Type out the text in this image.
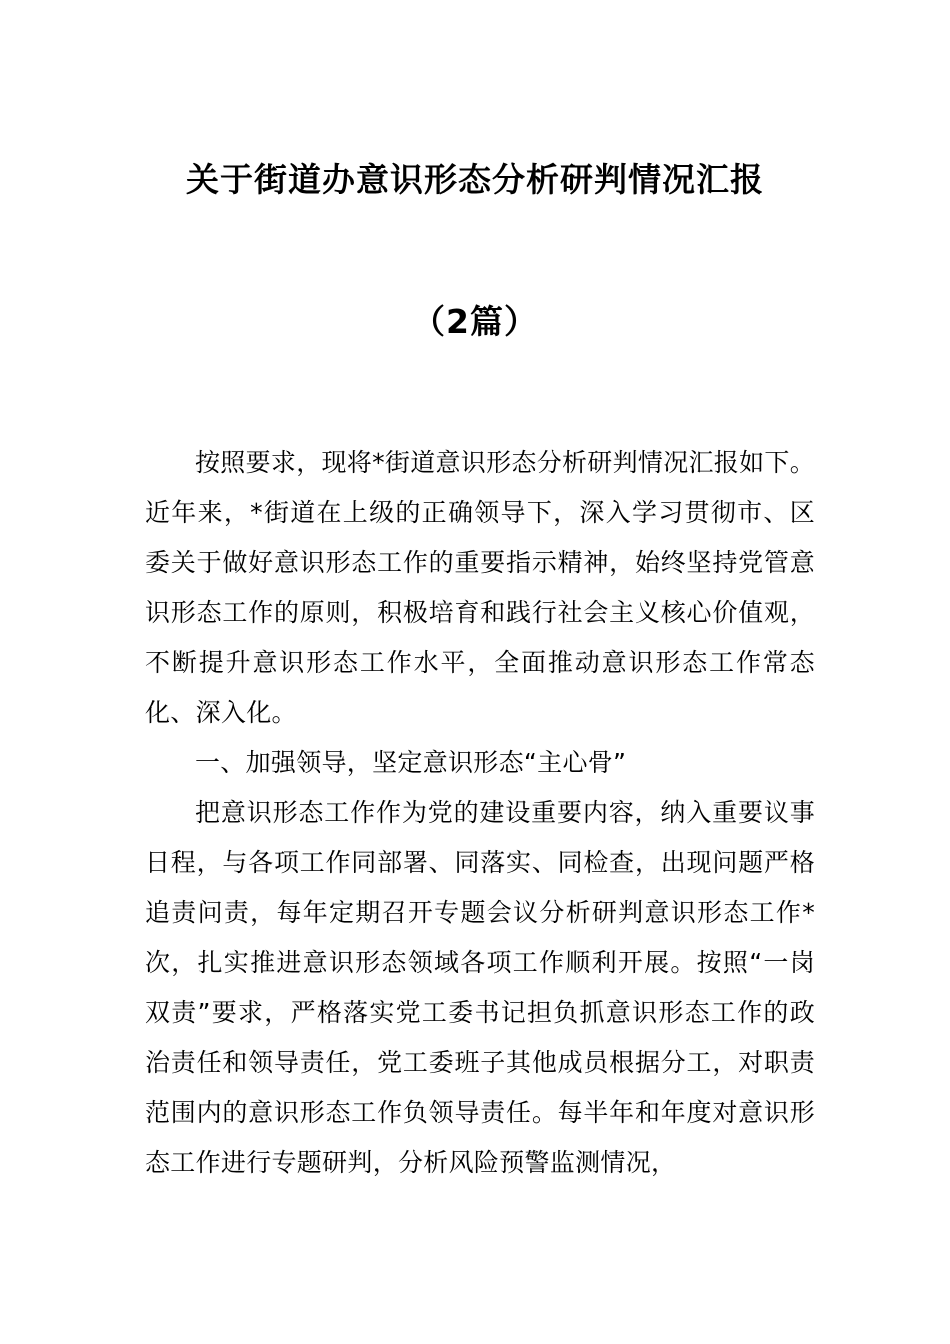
关于街道办意识形态分析研判情况汇报
（2篇）

按照要求，现将*街道意识形态分析研判情况汇报如下。近年来，*街道在上级的正确领导下，深入学习贯彻市、区委关于做好意识形态工作的重要指示精神，始终坚持党管意识形态工作的原则，积极培育和践行社会主义核心价值观，不断提升意识形态工作水平，全面推动意识形态工作常态化、深入化。

一、加强领导，坚定意识形态“主心骨”

把意识形态工作作为党的建设重要内容，纳入重要议事日程，与各项工作同部署、同落实、同检查，出现问题严格追责问责，每年定期召开专题会议分析研判意识形态工作*次，扎实推进意识形态领域各项工作顺利开展。按照“一岗双责”要求，严格落实党工委书记担负抓意识形态工作的政治责任和领导责任，党工委班子其他成员根据分工，对职责范围内的意识形态工作负领导责任。每半年和年度对意识形态工作进行专题研判，分析风险预警监测情况，
